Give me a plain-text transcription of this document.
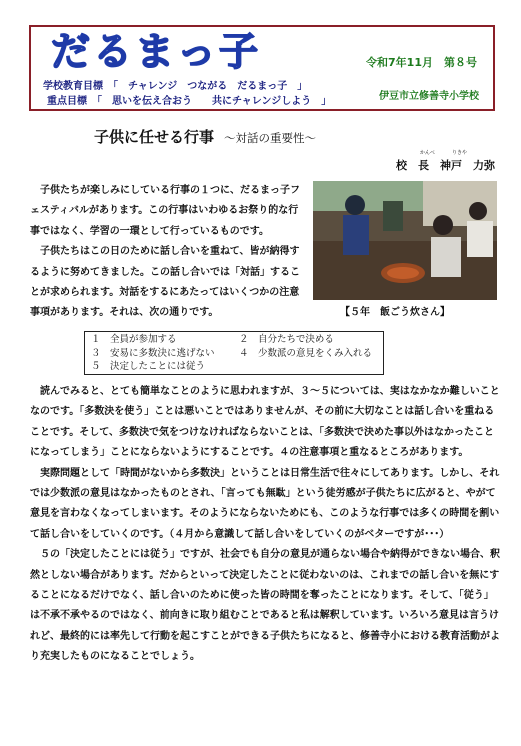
だるまっ子	令和7年11月　第８号
学校教育目標　 「　チャレンジ　つながる　だるまっ子　」
重点目標　 「　思いを伝え合おう　　共にチャレンジしよう　」	伊豆市立修善寺小学校
子供に任せる行事 ～対話の重要性～
かんべ	りきや
校　長　神戸　力弥

子供たちが楽しみにしている行事の１つに、だるまっ子フェスティバルがあります。この行事はいわゆるお祭り的な行事ではなく、学習の一環として行っているものです。

子供たちはこの日のために話し合いを重ねて、皆が納得するように努めてきました。この話し合いでは「対話」することが求められます。対話をするにあたってはいくつかの注意事項があります。それは、次の通りです。	【５年　飯ごう炊さん】
１　全員が参加する	２　自分たちで決める
３　安易に多数決に逃げない	４　少数派の意見をくみ入れる
５　決定したことには従う

読んでみると、とても簡単なことのように思われますが、３～５については、実はなかなか難しいことなのです。「多数決を使う」ことは悪いことではありませんが、その前に大切なことは話し合いを重ねることです。そして、多数決で気をつけなければならないことは、「多数決で決めた事以外はなかったことになってしまう」ことにならないようにすることです。４の注意事項と重なるところがあります。

実際問題として「時間がないから多数決」ということは日常生活で往々にしてあります。しかし、それでは少数派の意見はなかったものとされ、「言っても無駄」という徒労感が子供たちに広がると、やがて意見を言わなくなってしまいます。そのようにならないためにも、このような行事では多くの時間を割いて話し合いをしていくのです。（４月から意識して話し合いをしていくのがベターですが･･･）

５の「決定したことには従う」ですが、社会でも自分の意見が通らない場合や納得ができない場合、釈然としない場合があります。だからといって決定したことに従わないのは、これまでの話し合いを無にすることになるだけでなく、話し合いのために使った皆の時間を奪ったことになります。そして、「従う」は不承不承やるのではなく、前向きに取り組むことであると私は解釈しています。いろいろ意見は言うけれど、最終的には率先して行動を起こすことができる子供たちになると、修善寺小における教育活動がより充実したものになることでしょう。
